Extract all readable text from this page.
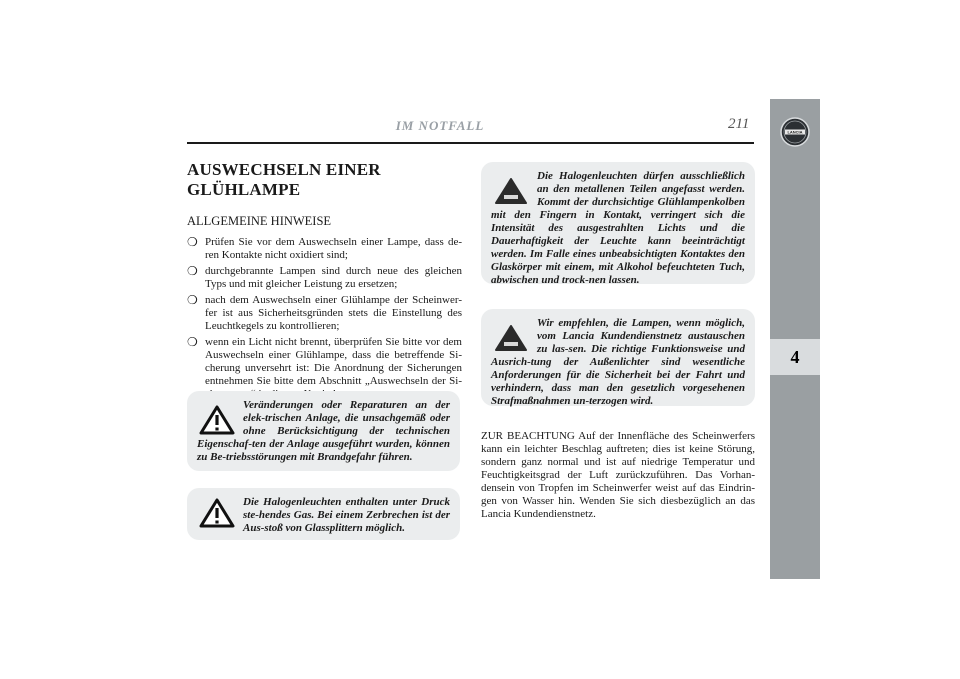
IM NOTFALL	211
LANCIA
4
AUSWECHSELN EINER GLÜHLAMPE
ALLGEMEINE HINWEISE
❍ Prüfen Sie vor dem Auswechseln einer Lampe, dass de-ren Kontakte nicht oxidiert sind;
❍ durchgebrannte Lampen sind durch neue des gleichen Typs und mit gleicher Leistung zu ersetzen;
❍ nach dem Auswechseln einer Glühlampe der Scheinwer-fer ist aus Sicherheitsgründen stets die Einstellung des Leuchtkegels zu kontrollieren;
❍ wenn ein Licht nicht brennt, überprüfen Sie bitte vor dem Auswechseln einer Glühlampe, dass die betreffende Si-cherung unversehrt ist: Die Anordnung der Sicherungen entnehmen Sie bitte dem Abschnitt „Auswechseln der Si-
Veränderungen oder Reparaturen an der elek-trischen Anlage, die unsachgemäß oder ohne Berücksichtigung der technischen Eigenschaf-ten der Anlage ausgeführt wurden, können zu Be-triebsstörungen mit Brandgefahr führen.
Die Halogenleuchten enthalten unter Druck ste-hendes Gas. Bei einem Zerbrechen ist der Aus-stoß von Glassplittern möglich.
Die Halogenleuchten dürfen ausschließlich an den metallenen Teilen angefasst werden. Kommt der durchsichtige Glühlampenkolben mit den Fingern in Kontakt, verringert sich die Intensität des ausgestrahlten Lichts und die Dauerhaftigkeit der Leuchte kann beeinträchtigt werden. Im Falle eines unbeabsichtigten Kontaktes den Glaskörper mit einem, mit Alkohol befeuchteten Tuch, abwischen und trock-nen lassen.
Wir empfehlen, die Lampen, wenn möglich, vom Lancia Kundendienstnetz austauschen zu las-sen. Die richtige Funktionsweise und Ausrich-tung der Außenlichter sind wesentliche Anforderungen für die Sicherheit bei der Fahrt und verhindern, dass man den gesetzlich vorgesehenen Strafmaßnahmen un-terzogen wird.
ZUR BEACHTUNG Auf der Innenfläche des Scheinwerfers kann ein leichter Beschlag auftreten; dies ist keine Störung, sondern ganz normal und ist auf niedrige Temperatur und Feuchtigkeitsgrad der Luft zurückzuführen. Das Vorhan-densein von Tropfen im Scheinwerfer weist auf das Eindrin-gen von Wasser hin. Wenden Sie sich diesbezüglich an das Lancia Kundendienstnetz.
